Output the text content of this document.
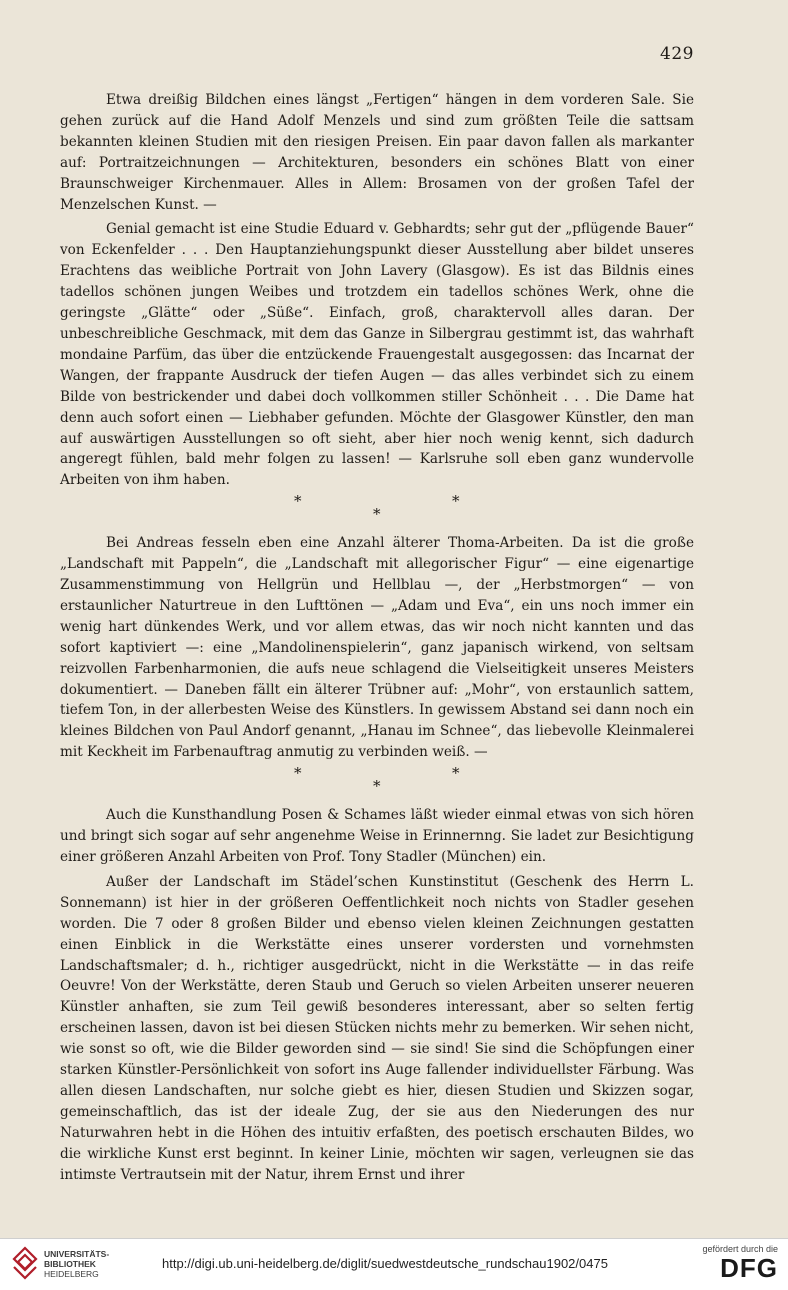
429

Etwa dreißig Bildchen eines längst „Fertigen“ hängen in dem vorderen Sale. Sie gehen zurück auf die Hand Adolf Menzels und sind zum größten Teile die sattsam bekannten kleinen Studien mit den riesigen Preisen. Ein paar davon fallen als markanter auf: Portraitzeichnungen — Architekturen, besonders ein schönes Blatt von einer Braunschweiger Kirchenmauer. Alles in Allem: Brosamen von der großen Tafel der Menzelschen Kunst. —

Genial gemacht ist eine Studie Eduard v. Gebhardts; sehr gut der „pflügende Bauer“ von Eckenfelder . . . Den Hauptanziehungspunkt dieser Ausstellung aber bildet unseres Erachtens das weibliche Portrait von John Lavery (Glasgow). Es ist das Bildnis eines tadellos schönen jungen Weibes und trotzdem ein tadellos schönes Werk, ohne die geringste „Glätte“ oder „Süße“. Einfach, groß, charaktervoll alles daran. Der unbeschreibliche Geschmack, mit dem das Ganze in Silbergrau gestimmt ist, das wahrhaft mondaine Parfüm, das über die entzückende Frauengestalt ausgegossen: das Incarnat der Wangen, der frappante Ausdruck der tiefen Augen — das alles verbindet sich zu einem Bilde von bestrickender und dabei doch vollkommen stiller Schönheit . . . Die Dame hat denn auch sofort einen — Liebhaber gefunden. Möchte der Glasgower Künstler, den man auf auswärtigen Ausstellungen so oft sieht, aber hier noch wenig kennt, sich dadurch angeregt fühlen, bald mehr folgen zu lassen! — Karlsruhe soll eben ganz wundervolle Arbeiten von ihm haben.

*
*
*

Bei Andreas fesseln eben eine Anzahl älterer Thoma-Arbeiten. Da ist die große „Landschaft mit Pappeln“, die „Landschaft mit allegorischer Figur“ — eine eigenartige Zusammenstimmung von Hellgrün und Hellblau —, der „Herbstmorgen“ — von erstaunlicher Naturtreue in den Lufttönen — „Adam und Eva“, ein uns noch immer ein wenig hart dünkendes Werk, und vor allem etwas, das wir noch nicht kannten und das sofort kaptiviert —: eine „Mandolinenspielerin“, ganz japanisch wirkend, von seltsam reizvollen Farbenharmonien, die aufs neue schlagend die Vielseitigkeit unseres Meisters dokumentiert. — Daneben fällt ein älterer Trübner auf: „Mohr“, von erstaunlich sattem, tiefem Ton, in der allerbesten Weise des Künstlers. In gewissem Abstand sei dann noch ein kleines Bildchen von Paul Andorf genannt, „Hanau im Schnee“, das liebevolle Kleinmalerei mit Keckheit im Farbenauftrag anmutig zu verbinden weiß. —

*
*
*

Auch die Kunsthandlung Posen & Schames läßt wieder einmal etwas von sich hören und bringt sich sogar auf sehr angenehme Weise in Erinnernng. Sie ladet zur Besichtigung einer größeren Anzahl Arbeiten von Prof. Tony Stadler (München) ein.

Außer der Landschaft im Städel’schen Kunstinstitut (Geschenk des Herrn L. Sonnemann) ist hier in der größeren Oeffentlichkeit noch nichts von Stadler gesehen worden. Die 7 oder 8 großen Bilder und ebenso vielen kleinen Zeichnungen gestatten einen Einblick in die Werkstätte eines unserer vordersten und vornehmsten Landschaftsmaler; d. h., richtiger ausgedrückt, nicht in die Werkstätte — in das reife Oeuvre! Von der Werkstätte, deren Staub und Geruch so vielen Arbeiten unserer neueren Künstler anhaften, sie zum Teil gewiß besonderes interessant, aber so selten fertig erscheinen lassen, davon ist bei diesen Stücken nichts mehr zu bemerken. Wir sehen nicht, wie sonst so oft, wie die Bilder geworden sind — sie sind! Sie sind die Schöpfungen einer starken Künstler-Persönlichkeit von sofort ins Auge fallender individuellster Färbung. Was allen diesen Landschaften, nur solche giebt es hier, diesen Studien und Skizzen sogar, gemeinschaftlich, das ist der ideale Zug, der sie aus den Niederungen des nur Naturwahren hebt in die Höhen des intuitiv erfaßten, des poetisch erschauten Bildes, wo die wirkliche Kunst erst beginnt. In keiner Linie, möchten wir sagen, verleugnen sie das intimste Vertrautsein mit der Natur, ihrem Ernst und ihrer

UNIVERSITÄTS-
BIBLIOTHEK
HEIDELBERG
http://digi.ub.uni-heidelberg.de/diglit/suedwestdeutsche_rundschau1902/0475
gefördert durch die
DFG
